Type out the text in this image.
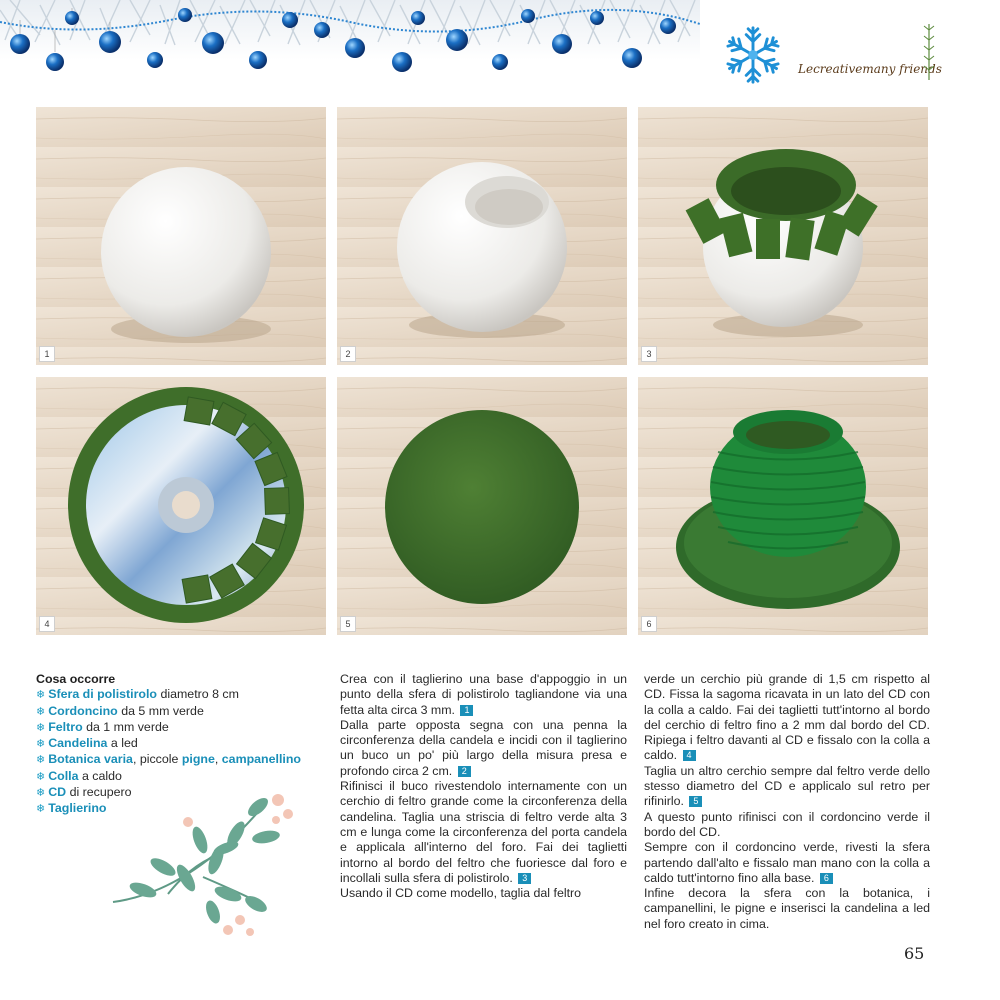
Lecreativemany friends
1	2	3
4	5	6
Cosa occorre
❄ Sfera di polistirolo diametro 8 cm
❄ Cordoncino da 5 mm verde
❄ Feltro da 1 mm verde
❄ Candelina a led
❄ Botanica varia, piccole pigne, campanellino
❄ Colla a caldo
❄ CD di recupero
❄ Taglierino

Crea con il taglierino una base d'appoggio in un punto della sfera di polistirolo tagliandone via una fetta alta circa 3 mm. 1

Dalla parte opposta segna con una penna la circonferenza della candela e incidi con il taglierino un buco un po' più largo della misura presa e profondo circa 2 cm. 2

Rifinisci il buco rivestendolo internamente con un cerchio di feltro grande come la circonferenza della candelina. Taglia una striscia di feltro verde alta 3 cm e lunga come la circonferenza del porta candela e applicala all'interno del foro. Fai dei taglietti intorno al bordo del feltro che fuoriesce dal foro e incollali sulla sfera di polistirolo. 3

Usando il CD come modello, taglia dal feltro

verde un cerchio più grande di 1,5 cm rispetto al CD. Fissa la sagoma ricavata in un lato del CD con la colla a caldo. Fai dei taglietti tutt'intorno al bordo del cerchio di feltro fino a 2 mm dal bordo del CD. Ripiega i feltro davanti al CD e fissalo con la colla a caldo. 4

Taglia un altro cerchio sempre dal feltro verde dello stesso diametro del CD e applicalo sul retro per rifinirlo. 5

A questo punto rifinisci con il cordoncino verde il bordo del CD.

Sempre con il cordoncino verde, rivesti la sfera partendo dall'alto e fissalo man mano con la colla a caldo tutt'intorno fino alla base. 6

Infine decora la sfera con la botanica, i campanellini, le pigne e inserisci la candelina a led nel foro creato in cima.

65
